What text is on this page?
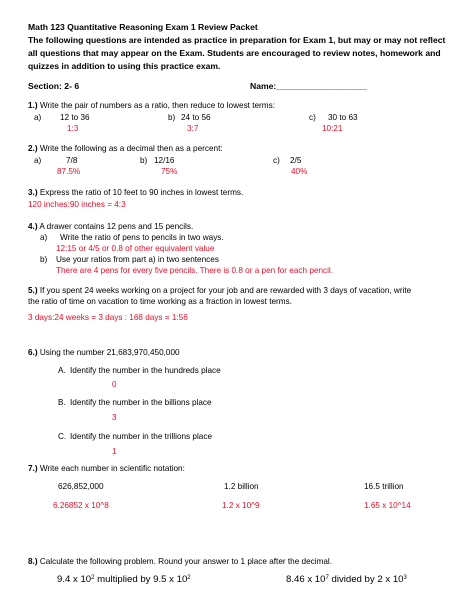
Math 123 Quantitative Reasoning Exam 1 Review Packet
The following questions are intended as practice in preparation for Exam 1, but may or may not reflect
all questions that may appear on the Exam. Students are encouraged to review notes, homework and
quizzes in addition to using this practice exam.
Section: 2- 6	Name:___________________
1.) Write the pair of numbers as a ratio, then reduce to lowest terms:
a) 12 to 36
1:3
b) 24 to 56
3:7
c) 30 to 63
10:21
2.) Write the following as a decimal then as a percent:
a)	7/8
87.5%
b) 12/16
75%
c) 2/5
40%
3.) Express the ratio of 10 feet to 90 inches in lowest terms.
120 inches:90 inches = 4:3
4.) A drawer contains 12 pens and 15 pencils.
a) Write the ratio of pens to pencils in two ways.
12:15 or 4/5 or 0.8 of other equivalent value
b) Use your ratios from part a) in two sentences
There are 4 pens for every five pencils. There is 0.8 or a pen for each pencil.
5.) If you spent 24 weeks working on a project for your job and are rewarded with 3 days of vacation, write
the ratio of time on vacation to time working as a fraction in lowest terms.
3 days:24 weeks = 3 days : 168 days = 1:56
6.) Using the number 21,683,970,450,000
A. Identify the number in the hundreds place
0
B. Identify the number in the billions place
3
C. Identify the number in the trillions place
1
7.) Write each number in scientific notation:
626,852,000
6.26852 x 10^8
1.2 billion
1.2 x 10^9
16.5 trillion
1.65 x 10^14
8.) Calculate the following problem. Round your answer to 1 place after the decimal.
9.4 x $10^2$ multiplied by 9.5 x $10^2$	8.46 x $10^7$ divided by 2 x $10^3$
